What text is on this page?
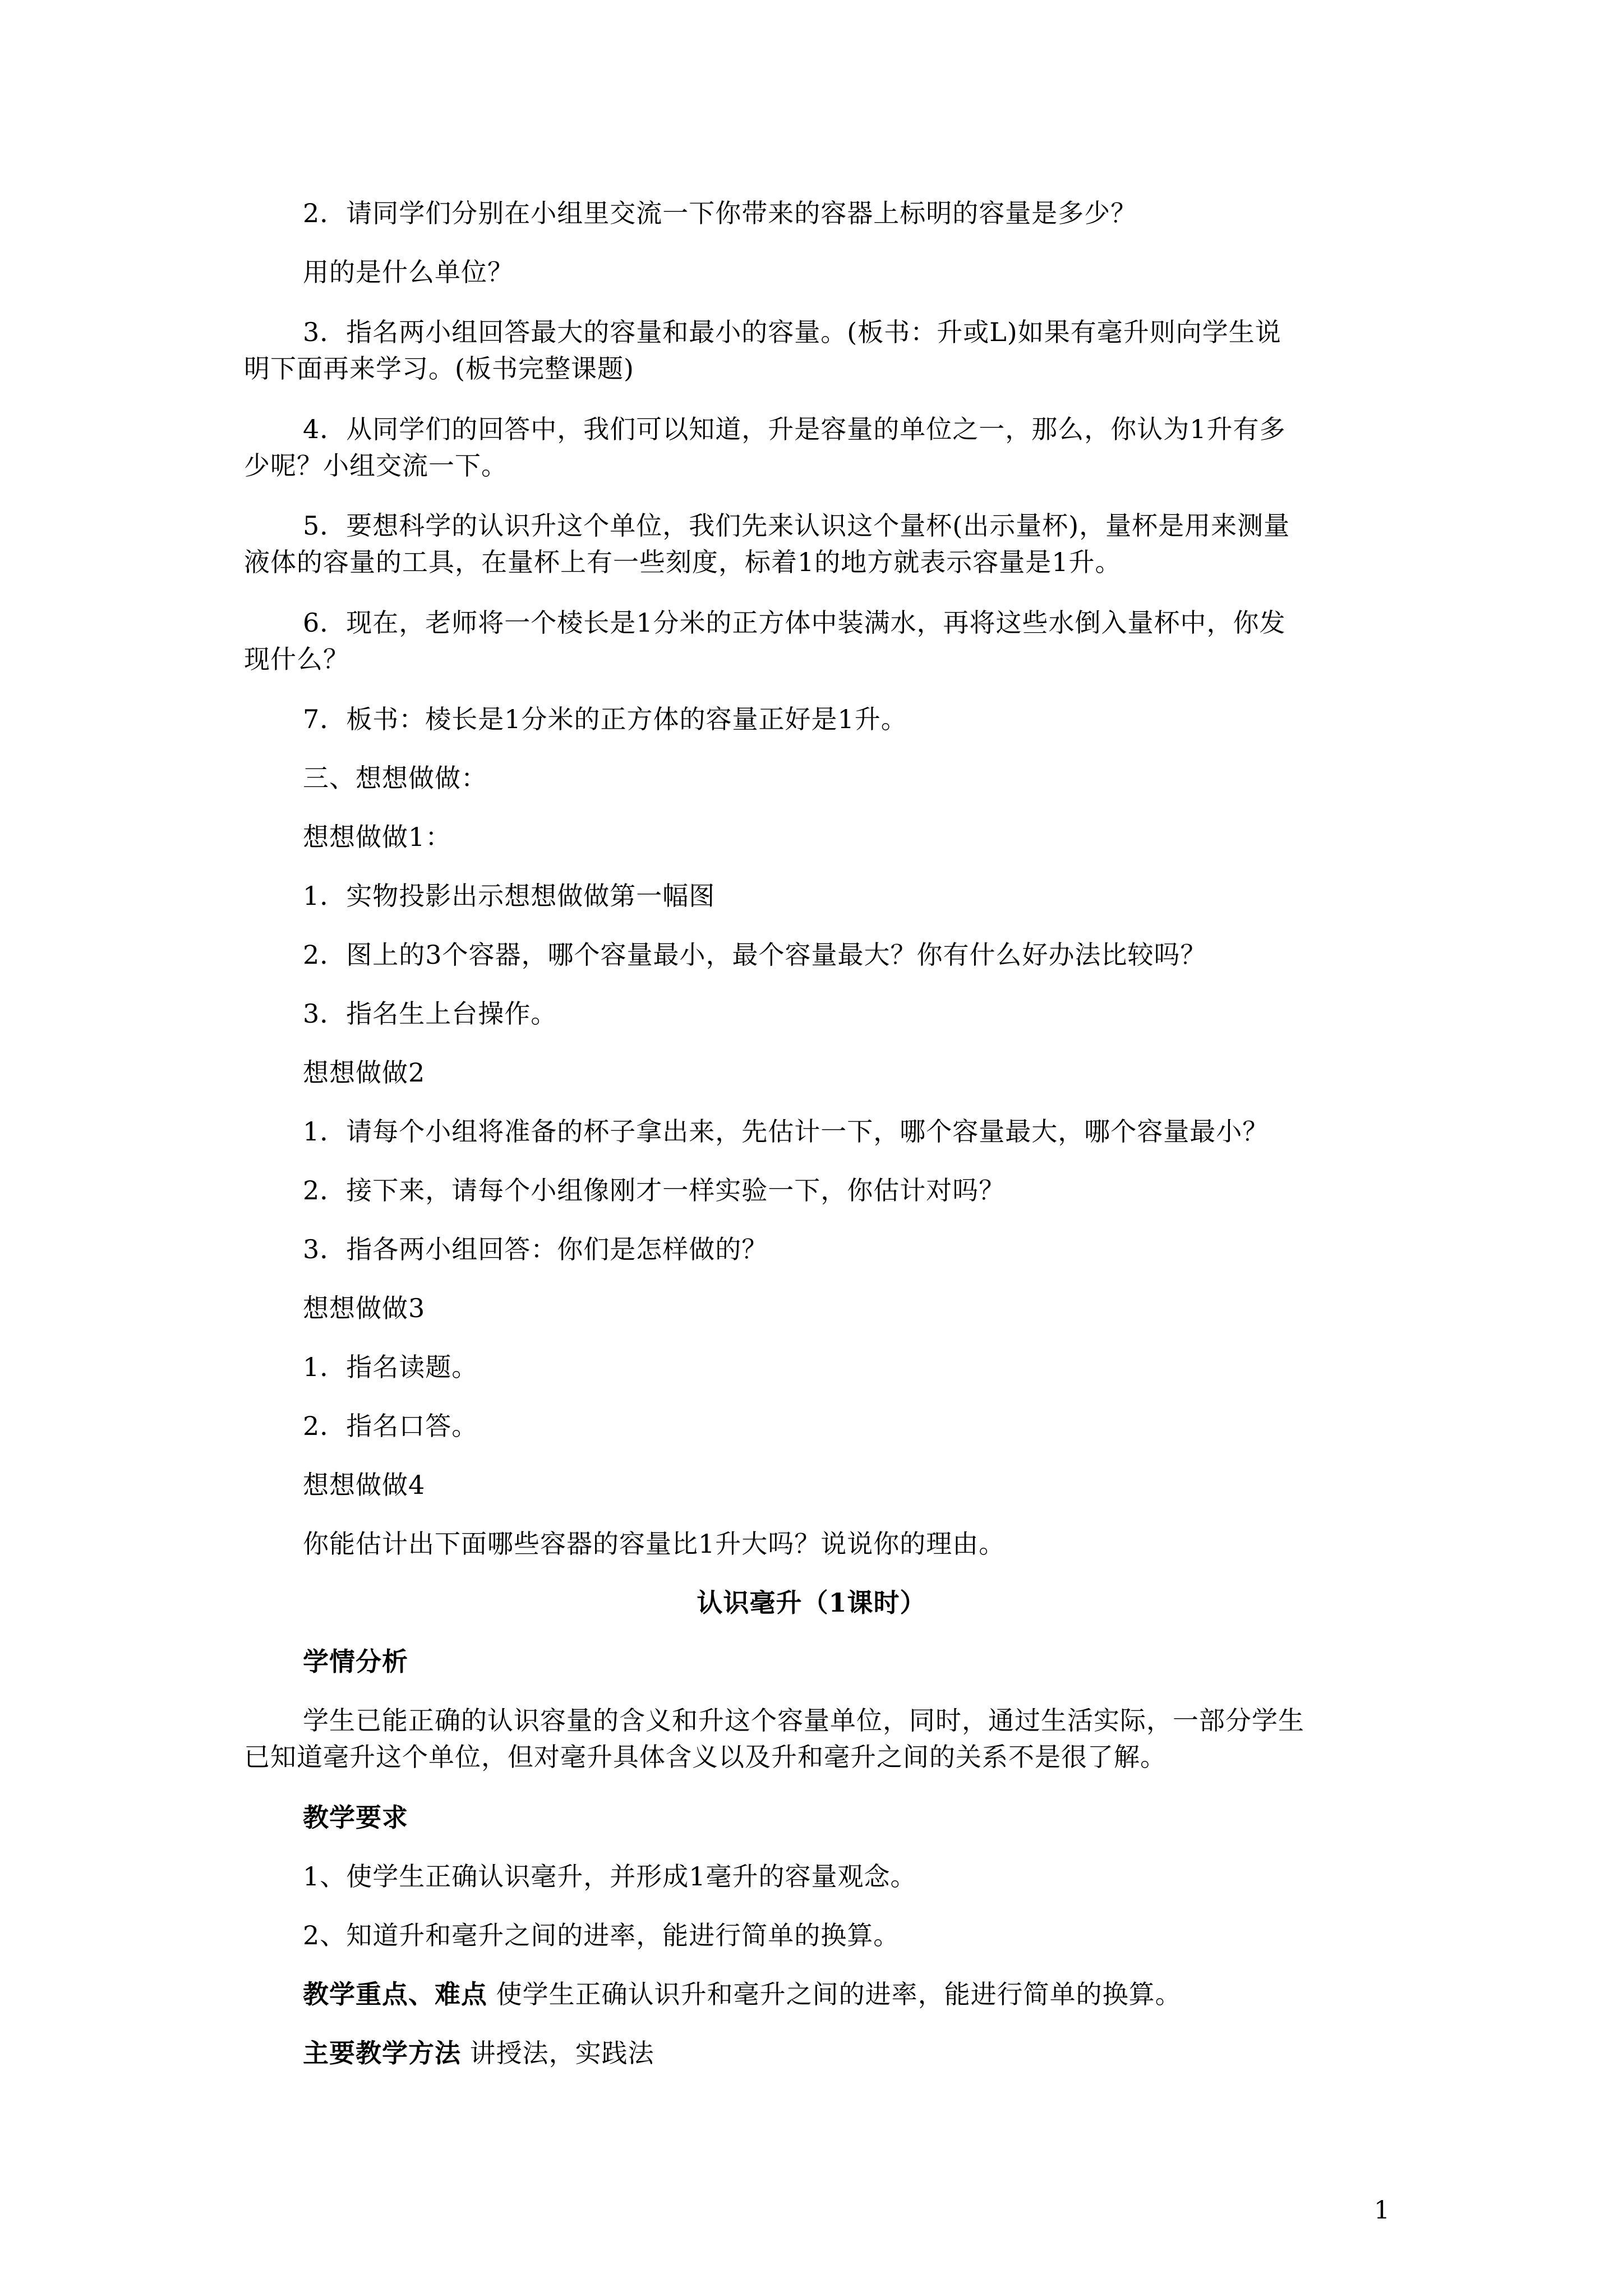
2．请同学们分别在小组里交流一下你带来的容器上标明的容量是多少？
用的是什么单位？
3．指名两小组回答最大的容量和最小的容量。(板书：升或L)如果有毫升则向学生说
明下面再来学习。(板书完整课题)
4．从同学们的回答中，我们可以知道，升是容量的单位之一，那么，你认为1升有多
少呢？小组交流一下。
5．要想科学的认识升这个单位，我们先来认识这个量杯(出示量杯)，量杯是用来测量
液体的容量的工具，在量杯上有一些刻度，标着1的地方就表示容量是1升。
6．现在，老师将一个棱长是1分米的正方体中装满水，再将这些水倒入量杯中，你发
现什么？
7．板书：棱长是1分米的正方体的容量正好是1升。
三、想想做做：
想想做做1：
1．实物投影出示想想做做第一幅图
2．图上的3个容器，哪个容量最小，最个容量最大？你有什么好办法比较吗？
3．指名生上台操作。
想想做做2
1．请每个小组将准备的杯子拿出来，先估计一下，哪个容量最大，哪个容量最小？
2．接下来，请每个小组像刚才一样实验一下，你估计对吗？
3．指各两小组回答：你们是怎样做的？
想想做做3
1．指名读题。
2．指名口答。
想想做做4
你能估计出下面哪些容器的容量比1升大吗？说说你的理由。
认识毫升（1课时）
学情分析
学生已能正确的认识容量的含义和升这个容量单位，同时，通过生活实际，一部分学生
已知道毫升这个单位，但对毫升具体含义以及升和毫升之间的关系不是很了解。
教学要求
1、使学生正确认识毫升，并形成1毫升的容量观念。
2、知道升和毫升之间的进率，能进行简单的换算。
教学重点、难点 使学生正确认识升和毫升之间的进率，能进行简单的换算。
主要教学方法 讲授法，实践法
1
